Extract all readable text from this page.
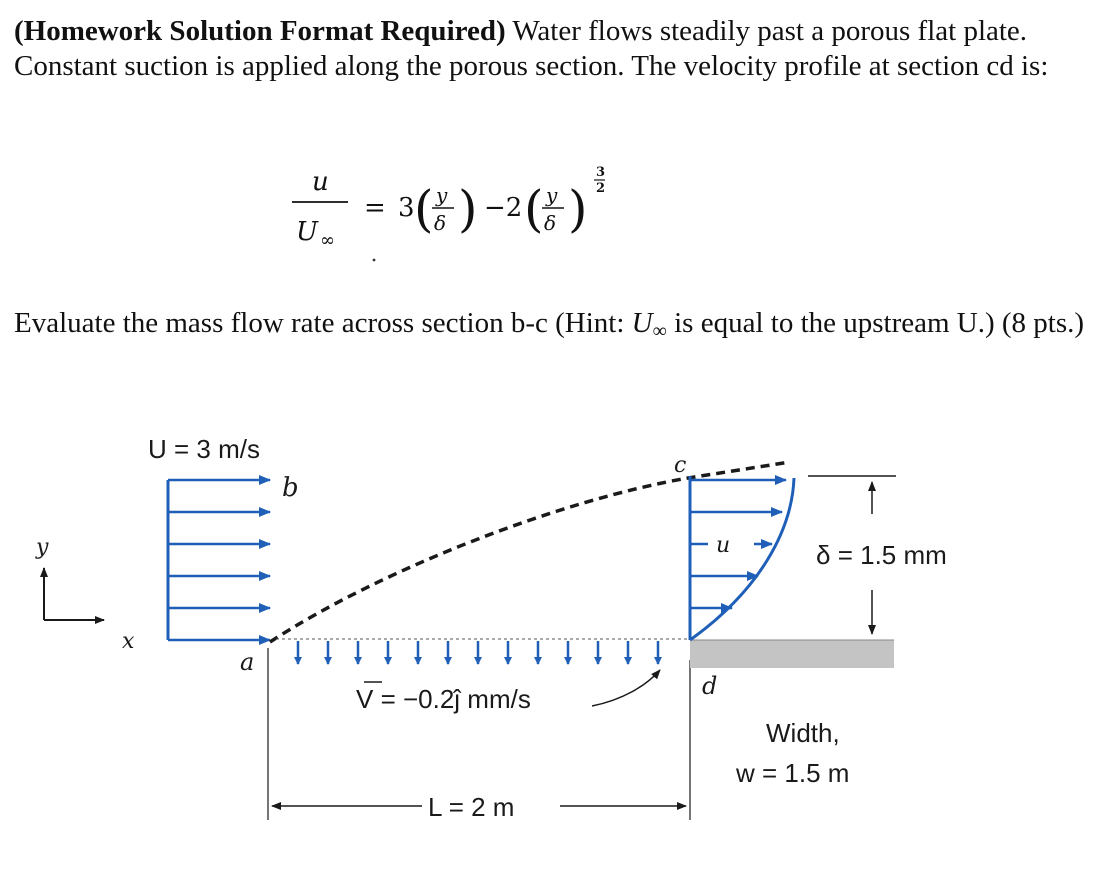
(Homework Solution Format Required) Water flows steadily past a porous flat plate. Constant suction is applied along the porous section. The velocity profile at section cd is:
u
U ∞
= 3 ( y
δ ) −2 ( y
δ )
3
2
Evaluate the mass flow rate across section b-c (Hint: $U_\infty$ is equal to the upstream U.) (8 pts.)
U = 3 m/s
b
a
c
d
y
x
u	δ = 1.5 mm
V = −0.2ĵ mm/s
L = 2 m
Width,
w = 1.5 m
